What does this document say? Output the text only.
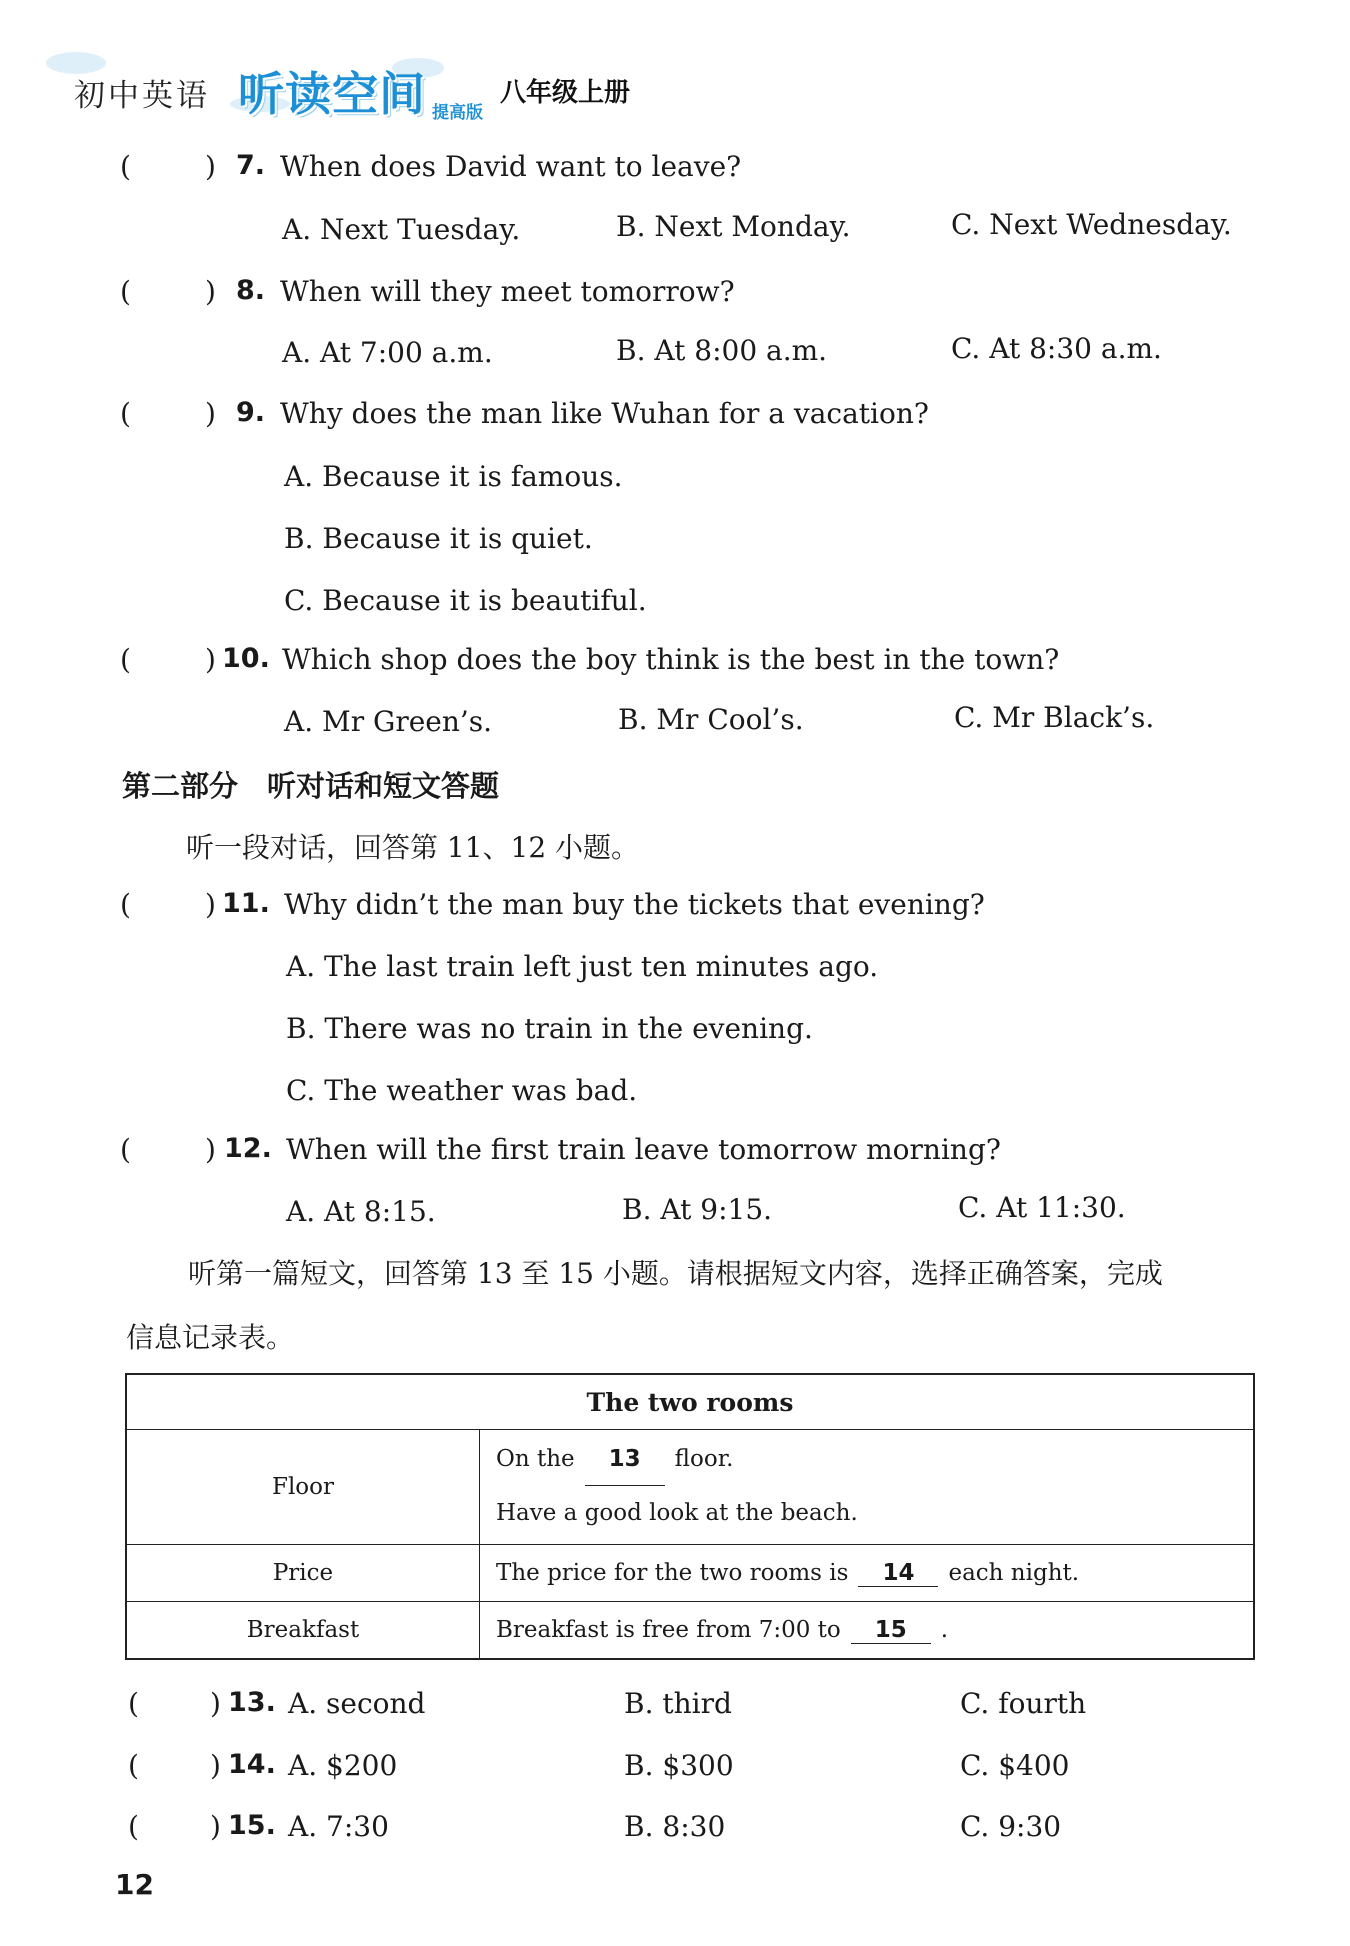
初中英语 听读空间 提高版
八年级上册
(	) 7. When does David want to leave?
A. Next Tuesday.	B. Next Monday.	C. Next Wednesday.
(	) 8. When will they meet tomorrow?
A. At 7:00 a.m.	B. At 8:00 a.m.	C. At 8:30 a.m.
(	) 9. Why does the man like Wuhan for a vacation?
A. Because it is famous.
B. Because it is quiet.
C. Because it is beautiful.
(	) 10. Which shop does the boy think is the best in the town?
A. Mr Green’s.	B. Mr Cool’s.	C. Mr Black’s.
第二部分　听对话和短文答题
听一段对话，回答第 11、12 小题。
(	) 11. Why didn’t the man buy the tickets that evening?
A. The last train left just ten minutes ago.
B. There was no train in the evening.
C. The weather was bad.
(	) 12. When will the first train leave tomorrow morning?
A. At 8:15.	B. At 9:15.	C. At 11:30.
听第一篇短文，回答第 13 至 15 小题。请根据短文内容，选择正确答案，完成
信息记录表。
The two rooms	
Floor	On the 13 floor.
Have a good look at the beach.

Price	The price for the two rooms is 14 each night.
Breakfast	Breakfast is free from 7:00 to 15 .
(	) 13. A. second	B. third	C. fourth
(	) 14. A. $200	B. $300	C. $400
(	) 15. A. 7:30	B. 8:30	C. 9:30
12
